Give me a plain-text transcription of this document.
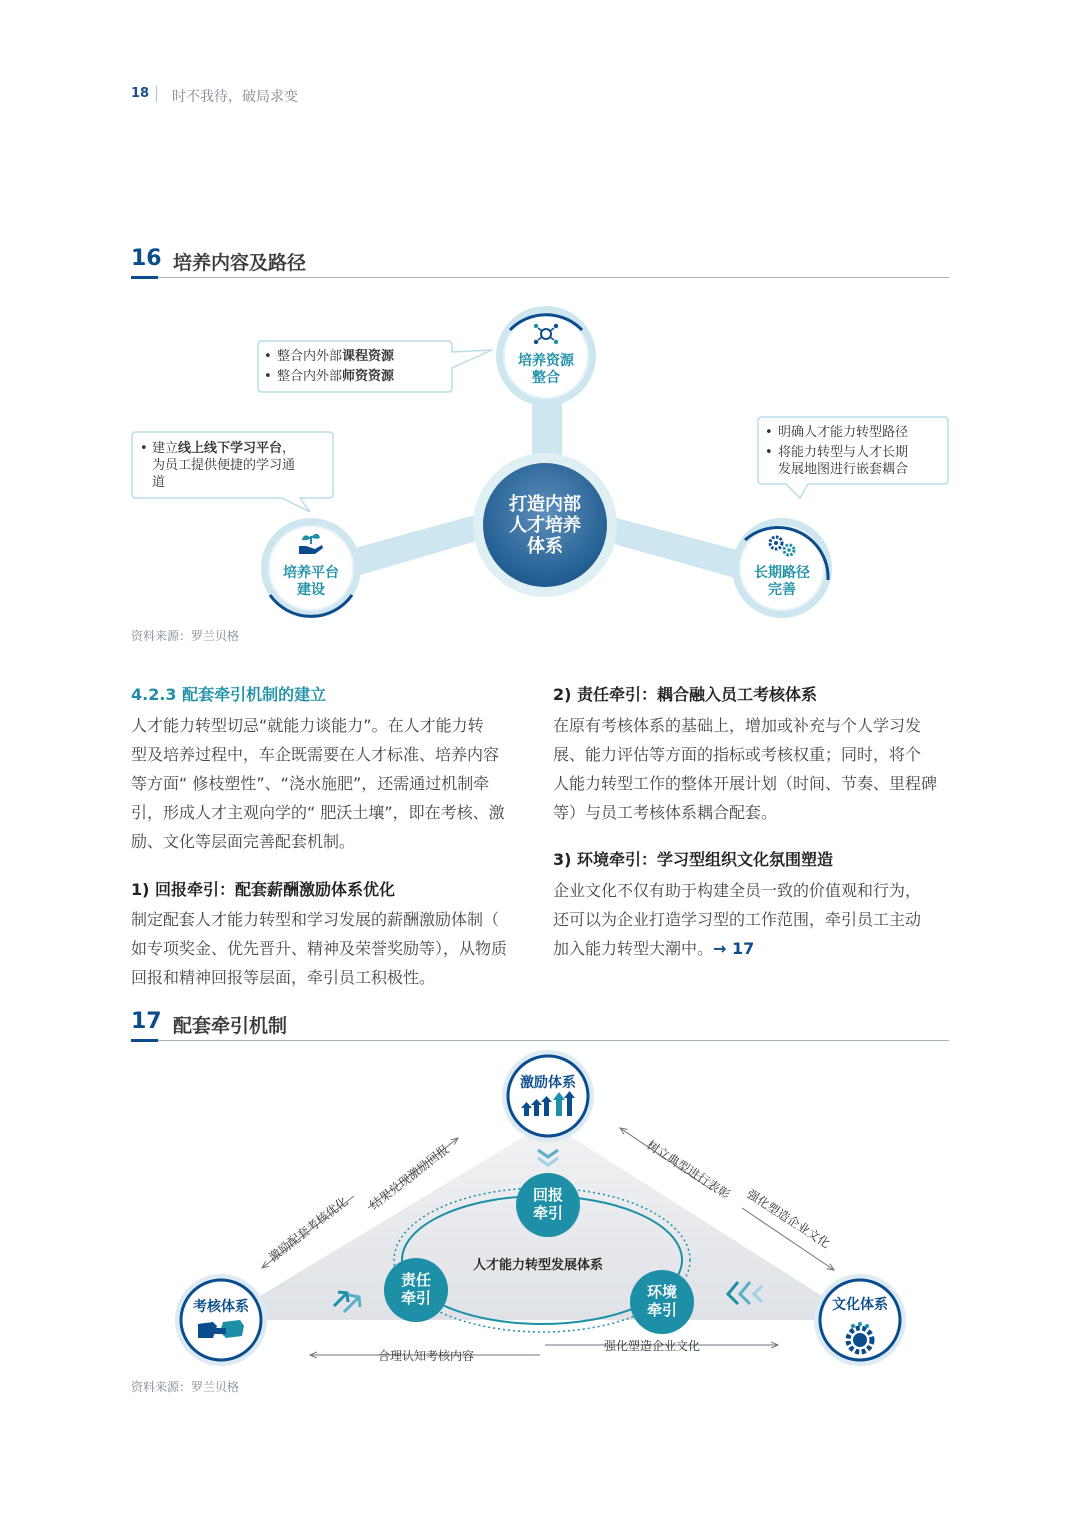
18 时不我待，破局求变
16 培养内容及路径
打造内部
人才培养
体系
培养资源
整合
培养平台
建设
长期路径
完善
• 整合内外部课程资源
• 整合内外部师资资源
• 建立线上线下学习平台，
为员工提供便捷的学习通
道
• 明确人才能力转型路径
• 将能力转型与人才长期
发展地图进行嵌套耦合
资料来源：罗兰贝格
4.2.3 配套牵引机制的建立
人才能力转型切忌“就能力谈能力”。在人才能力转
型及培养过程中，车企既需要在人才标准、培养内容
等方面“ 修枝塑性”、“浇水施肥”，还需通过机制牵
引，形成人才主观向学的“ 肥沃土壤”，即在考核、激
励、文化等层面完善配套机制。
1) 回报牵引：配套薪酬激励体系优化
制定配套人才能力转型和学习发展的薪酬激励体制（
如专项奖金、优先晋升、精神及荣誉奖励等），从物质
回报和精神回报等层面，牵引员工积极性。
2) 责任牵引：耦合融入员工考核体系
在原有考核体系的基础上，增加或补充与个人学习发
展、能力评估等方面的指标或考核权重；同时，将个
人能力转型工作的整体开展计划（时间、节奏、里程碑
等）与员工考核体系耦合配套。
3) 环境牵引：学习型组织文化氛围塑造
企业文化不仅有助于构建全员一致的价值观和行为，
还可以为企业打造学习型的工作范围，牵引员工主动
加入能力转型大潮中。→ 17
17 配套牵引机制
激励配套考核优化
结果兑现激励回报	树立典型进行表彰
强化塑造企业文化
合理认知考核内容
强化塑造企业文化
人才能力转型发展体系
回报
牵引
责任
牵引	环境
牵引
激励体系
考核体系	文化体系
资料来源：罗兰贝格
